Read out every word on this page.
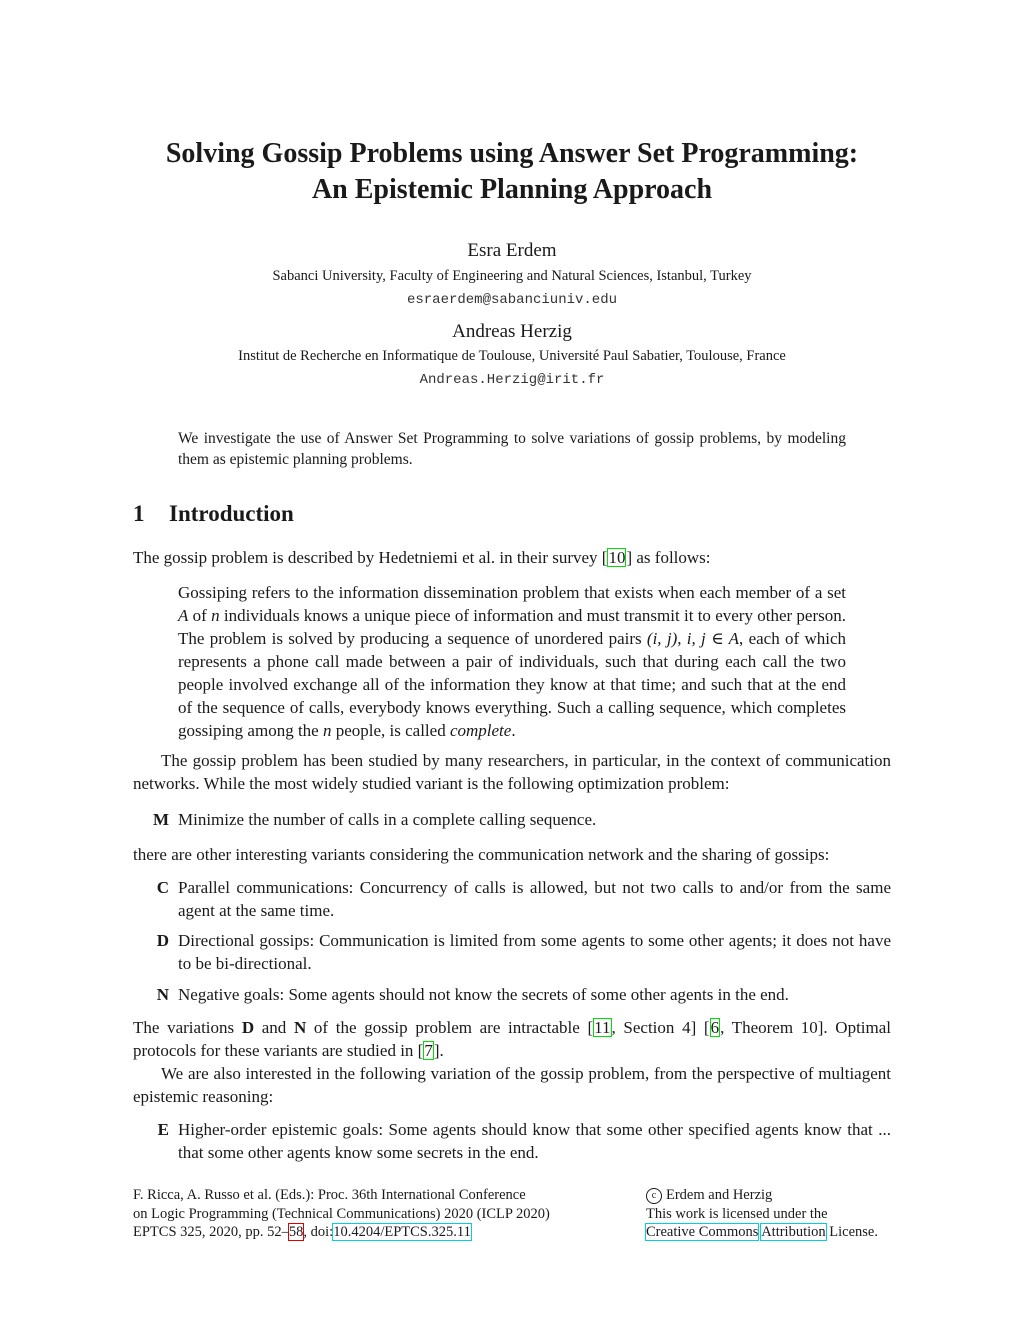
Solving Gossip Problems using Answer Set Programming:
An Epistemic Planning Approach
Esra Erdem
Sabanci University, Faculty of Engineering and Natural Sciences, Istanbul, Turkey
esraerdem@sabanciuniv.edu
Andreas Herzig
Institut de Recherche en Informatique de Toulouse, Université Paul Sabatier, Toulouse, France
Andreas.Herzig@irit.fr
We investigate the use of Answer Set Programming to solve variations of gossip problems, by modeling them as epistemic planning problems.
1 Introduction
The gossip problem is described by Hedetniemi et al. in their survey [10] as follows:
Gossiping refers to the information dissemination problem that exists when each member of a set A of n individuals knows a unique piece of information and must transmit it to every other person. The problem is solved by producing a sequence of unordered pairs (i, j), i, j ∈ A, each of which represents a phone call made between a pair of individuals, such that during each call the two people involved exchange all of the information they know at that time; and such that at the end of the sequence of calls, everybody knows everything. Such a calling sequence, which completes gossiping among the n people, is called complete.
The gossip problem has been studied by many researchers, in particular, in the context of communication networks. While the most widely studied variant is the following optimization problem:
M Minimize the number of calls in a complete calling sequence.
there are other interesting variants considering the communication network and the sharing of gossips:
C Parallel communications: Concurrency of calls is allowed, but not two calls to and/or from the same agent at the same time.
D Directional gossips: Communication is limited from some agents to some other agents; it does not have to be bi-directional.
N Negative goals: Some agents should not know the secrets of some other agents in the end.
The variations D and N of the gossip problem are intractable [11, Section 4] [6, Theorem 10]. Optimal protocols for these variants are studied in [7].
We are also interested in the following variation of the gossip problem, from the perspective of multiagent epistemic reasoning:
E Higher-order epistemic goals: Some agents should know that some other specified agents know that ... that some other agents know some secrets in the end.
F. Ricca, A. Russo et al. (Eds.): Proc. 36th International Conference
on Logic Programming (Technical Communications) 2020 (ICLP 2020)
EPTCS 325, 2020, pp. 52–58, doi:10.4204/EPTCS.325.11
c Erdem and Herzig
This work is licensed under the
Creative Commons Attribution License.
